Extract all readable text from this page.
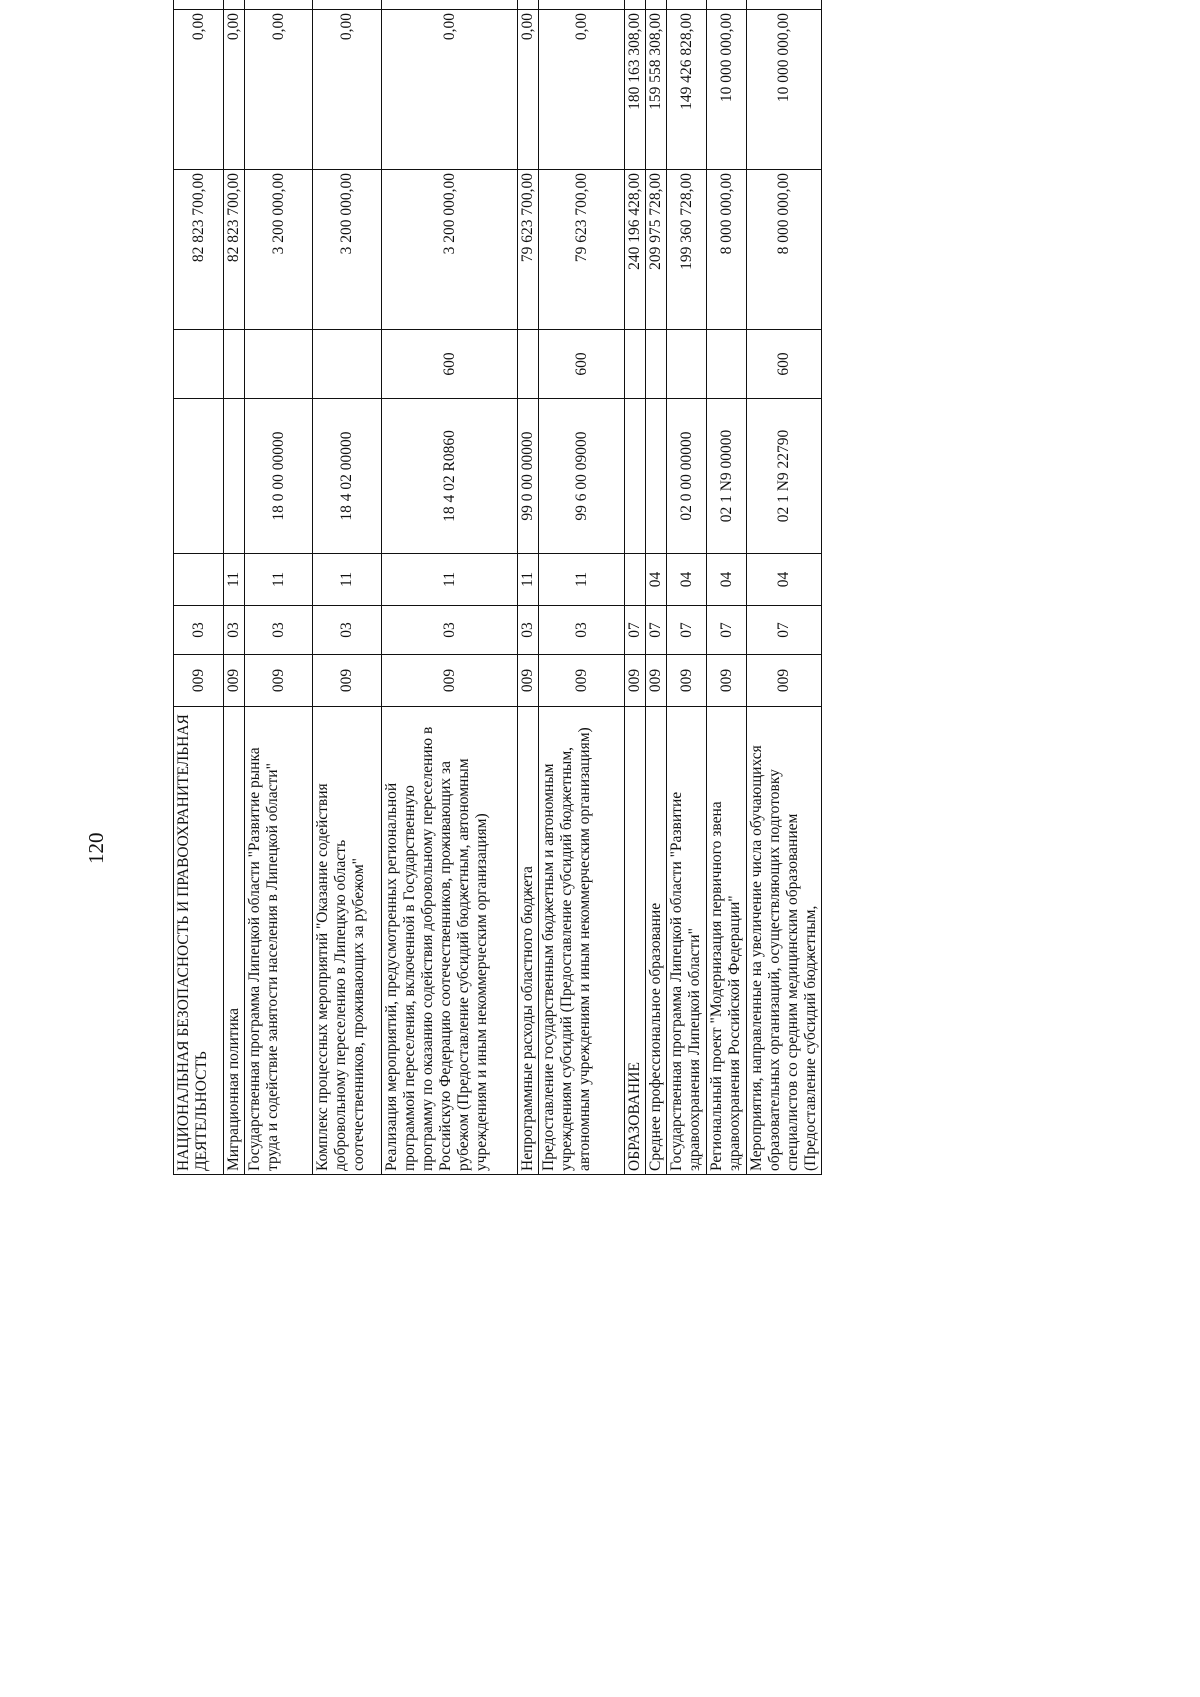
120	НАЦИОНАЛЬНАЯ БЕЗОПАСНОСТЬ И ПРАВООХРАНИТЕЛЬНАЯ ДЕЯТЕЛЬНОСТЬ	009	03				82 823 700,00	0,00	
Миграционная политика	009	03	11			82 823 700,00	0,00	
Государственная программа Липецкой области "Развитие рынка труда и содействие занятости населения в Липецкой области"	009	03	11	18 0 00 00000		3 200 000,00	0,00	
Комплекс процессных мероприятий "Оказание содействия добровольному переселению в Липецкую область соотечественников, проживающих за рубежом"	009	03	11	18 4 02 00000		3 200 000,00	0,00	
Реализация мероприятий, предусмотренных региональной программой переселения, включенной в Государственную программу по оказанию содействия добровольному переселению в Российскую Федерацию соотечественников, проживающих за рубежом (Предоставление субсидий бюджетным, автономным учреждениям и иным некоммерческим организациям)	009	03	11	18 4 02 R0860	600	3 200 000,00	0,00	
Непрограммные расходы областного бюджета	009	03	11	99 0 00 00000		79 623 700,00	0,00	
Предоставление государственным бюджетным и автономным учреждениям субсидий (Предоставление субсидий бюджетным, автономным учреждениям и иным некоммерческим организациям)	009	03	11	99 6 00 09000	600	79 623 700,00	0,00	
ОБРАЗОВАНИЕ	009	07				240 196 428,00	180 163 308,00	
Среднее профессиональное образование	009	07	04			209 975 728,00	159 558 308,00	
Государственная программа Липецкой области "Развитие здравоохранения Липецкой области"	009	07	04	02 0 00 00000		199 360 728,00	149 426 828,00	
Региональный проект "Модернизация первичного звена здравоохранения Российской Федерации"	009	07	04	02 1 N9 00000		8 000 000,00	10 000 000,00	
Мероприятия, направленные на увеличение числа обучающихся образовательных организаций, осуществляющих подготовку специалистов со средним медицинским образованием (Предоставление субсидий бюджетным,	009	07	04	02 1 N9 22790	600	8 000 000,00	10 000 000,00	
